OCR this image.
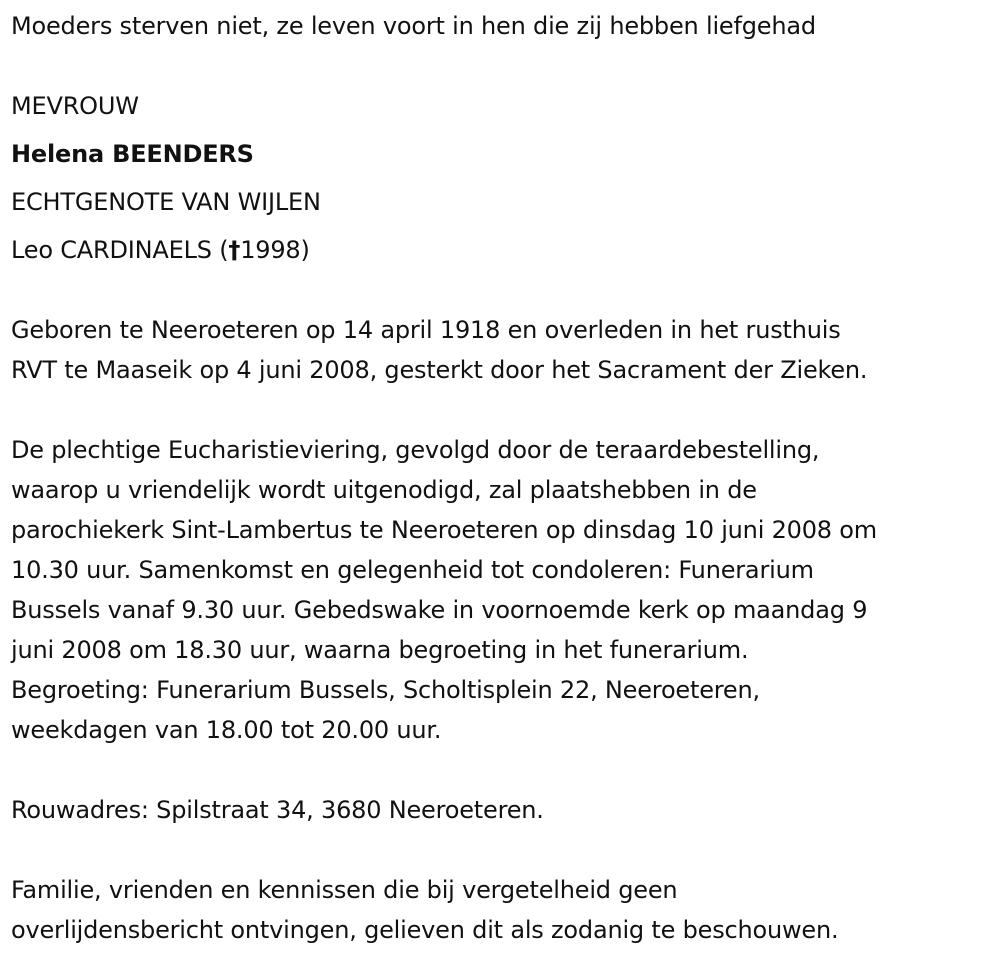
Moeders sterven niet, ze leven voort in hen die zij hebben liefgehad
MEVROUW
Helena BEENDERS
ECHTGENOTE VAN WIJLEN
Leo CARDINAELS (†1998)
Geboren te Neeroeteren op 14 april 1918 en overleden in het rusthuis
RVT te Maaseik op 4 juni 2008, gesterkt door het Sacrament der Zieken.
De plechtige Eucharistieviering, gevolgd door de teraardebestelling,
waarop u vriendelijk wordt uitgenodigd, zal plaatshebben in de
parochiekerk Sint-Lambertus te Neeroeteren op dinsdag 10 juni 2008 om
10.30 uur. Samenkomst en gelegenheid tot condoleren: Funerarium
Bussels vanaf 9.30 uur. Gebedswake in voornoemde kerk op maandag 9
juni 2008 om 18.30 uur, waarna begroeting in het funerarium.
Begroeting: Funerarium Bussels, Scholtisplein 22, Neeroeteren,
weekdagen van 18.00 tot 20.00 uur.
Rouwadres: Spilstraat 34, 3680 Neeroeteren.
Familie, vrienden en kennissen die bij vergetelheid geen
overlijdensbericht ontvingen, gelieven dit als zodanig te beschouwen.
